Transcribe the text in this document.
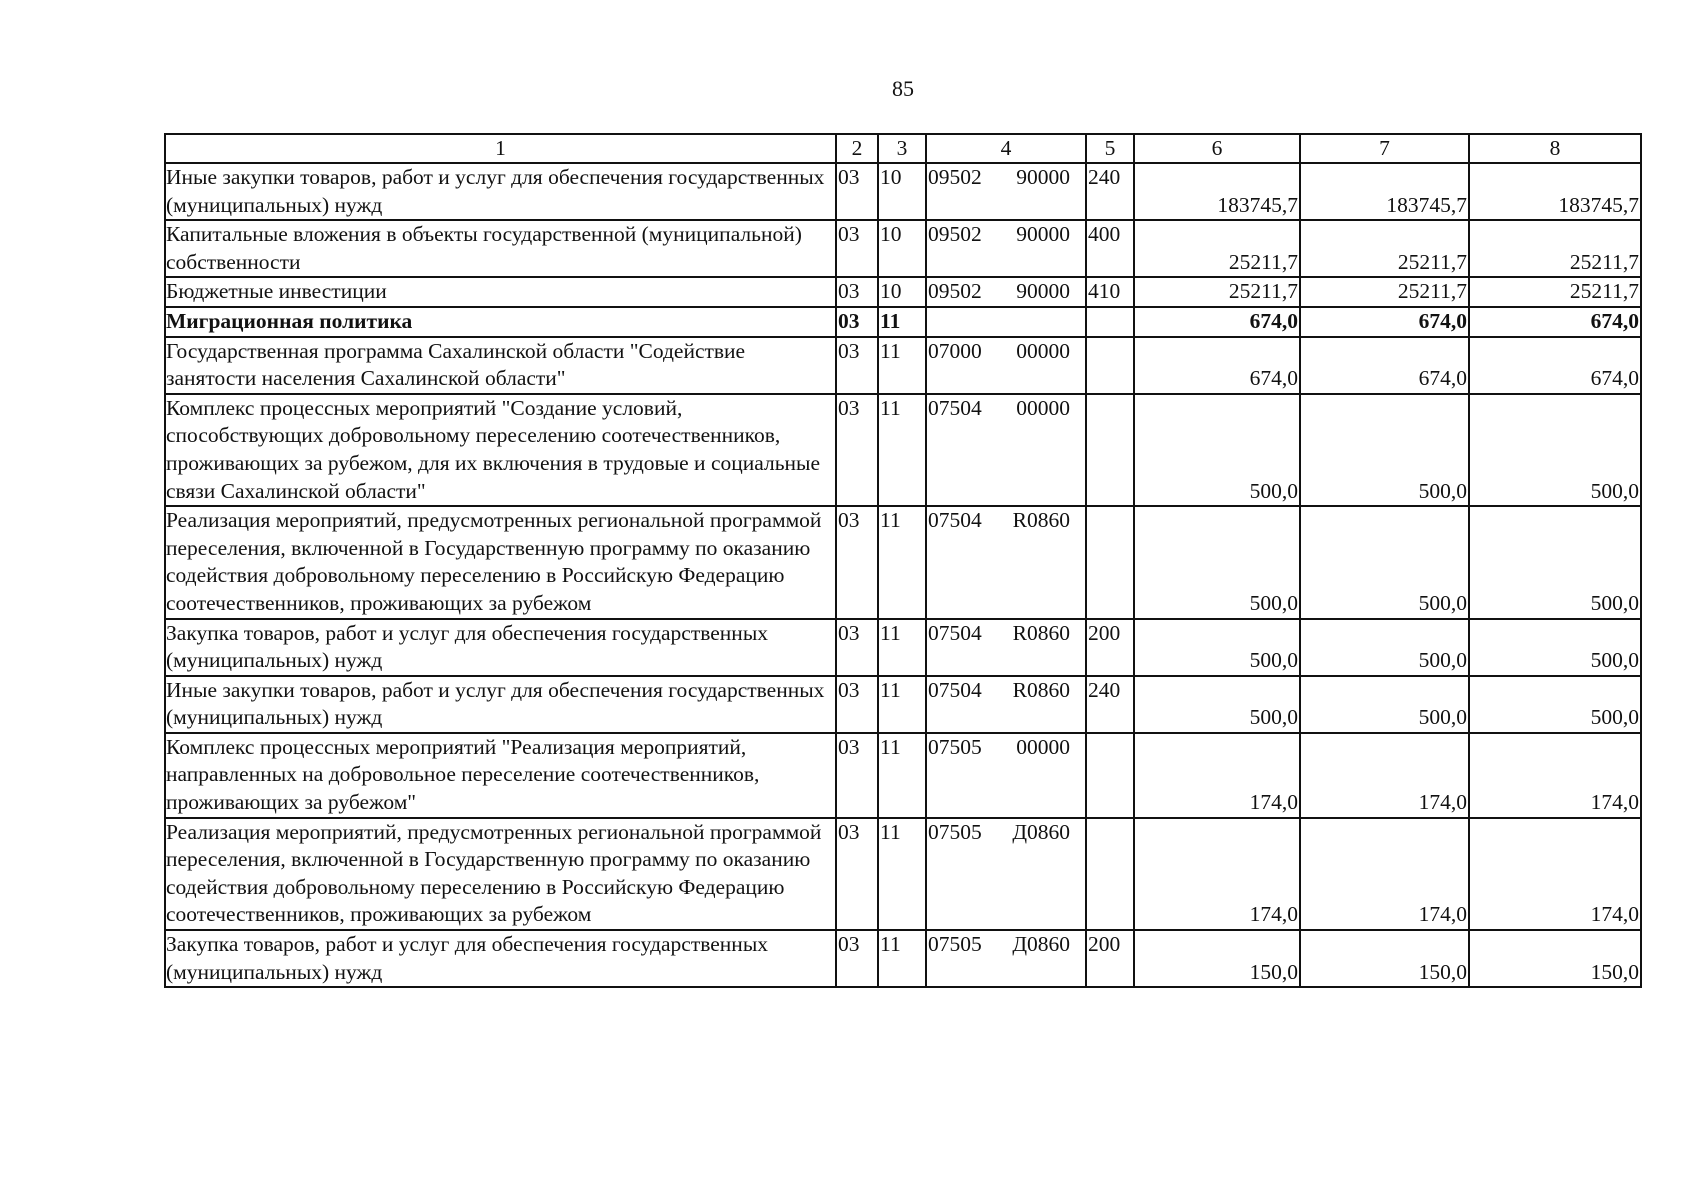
85
1	2	3	4	5	6	7	8
Иные закупки товаров, работ и услуг для обеспечения государственных (муниципальных) нужд	03	10	09502 90000	240	183745,7	183745,7	183745,7
Капитальные вложения в объекты государственной (муниципальной) собственности	03	10	09502 90000	400	25211,7	25211,7	25211,7
Бюджетные инвестиции	03	10	09502 90000	410	25211,7	25211,7	25211,7
Миграционная политика	03	11			674,0	674,0	674,0
Государственная программа Сахалинской области "Содействие занятости населения Сахалинской области"	03	11	07000 00000		674,0	674,0	674,0
Комплекс процессных мероприятий "Создание условий, способствующих добровольному переселению соотечественников, проживающих за рубежом, для их включения в трудовые и социальные связи Сахалинской области"	03	11	07504 00000		500,0	500,0	500,0
Реализация мероприятий, предусмотренных региональной программой переселения, включенной в Государственную программу по оказанию содействия добровольному переселению в Российскую Федерацию соотечественников, проживающих за рубежом	03	11	07504 R0860		500,0	500,0	500,0
Закупка товаров, работ и услуг для обеспечения государственных (муниципальных) нужд	03	11	07504 R0860	200	500,0	500,0	500,0
Иные закупки товаров, работ и услуг для обеспечения государственных (муниципальных) нужд	03	11	07504 R0860	240	500,0	500,0	500,0
Комплекс процессных мероприятий "Реализация мероприятий, направленных на добровольное переселение соотечественников, проживающих за рубежом"	03	11	07505 00000		174,0	174,0	174,0
Реализация мероприятий, предусмотренных региональной программой переселения, включенной в Государственную программу по оказанию содействия добровольному переселению в Российскую Федерацию соотечественников, проживающих за рубежом	03	11	07505 Д0860		174,0	174,0	174,0
Закупка товаров, работ и услуг для обеспечения государственных (муниципальных) нужд	03	11	07505 Д0860	200	150,0	150,0	150,0
